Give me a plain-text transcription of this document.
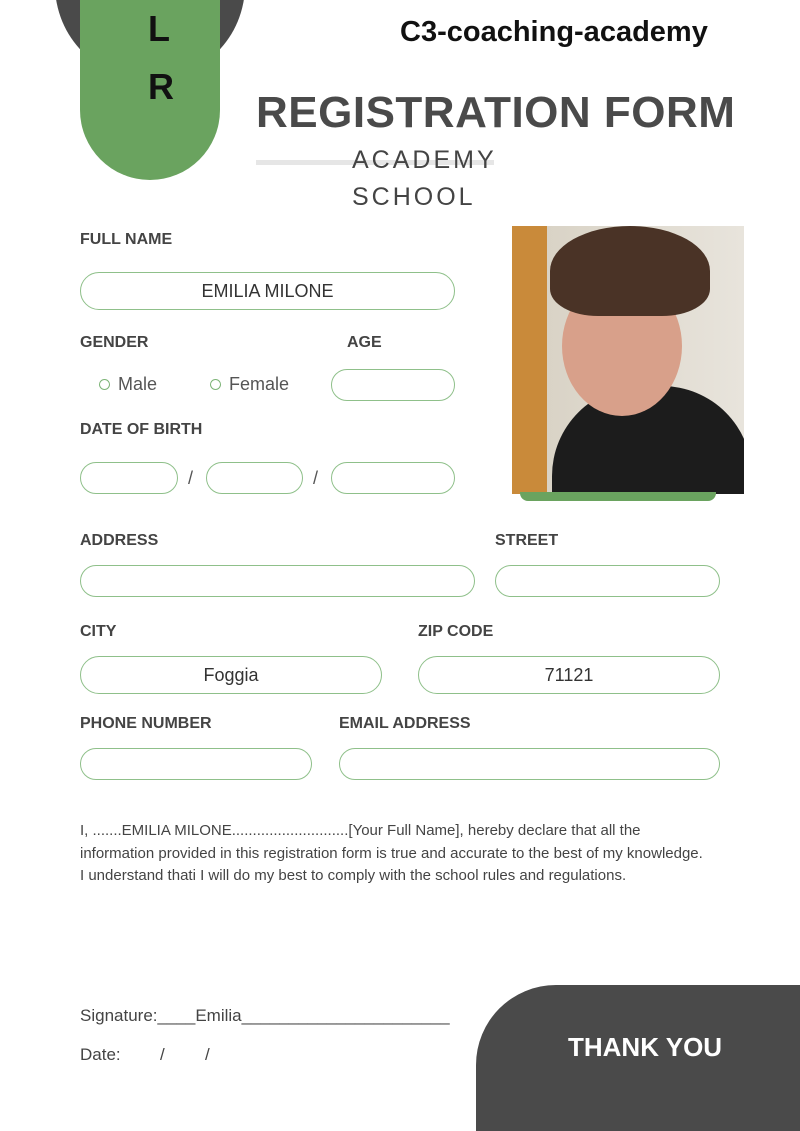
L
R
C3-coaching-academy
REGISTRATION FORM
ACADEMY
SCHOOL
FULL NAME
EMILIA MILONE
GENDER
Male	Female
AGE
DATE OF BIRTH
/	/
ADDRESS	STREET
CITY
Foggia
ZIP CODE
71121
PHONE NUMBER	EMAIL ADDRESS
I, .......EMILIA MILONE............................[Your Full Name], hereby declare that all the information provided in this registration form is true and accurate to the best of my knowledge. I understand thati I will do my best to comply with the school rules and regulations.
Signature:____Emilia______________________
Date: / /	THANK YOU
